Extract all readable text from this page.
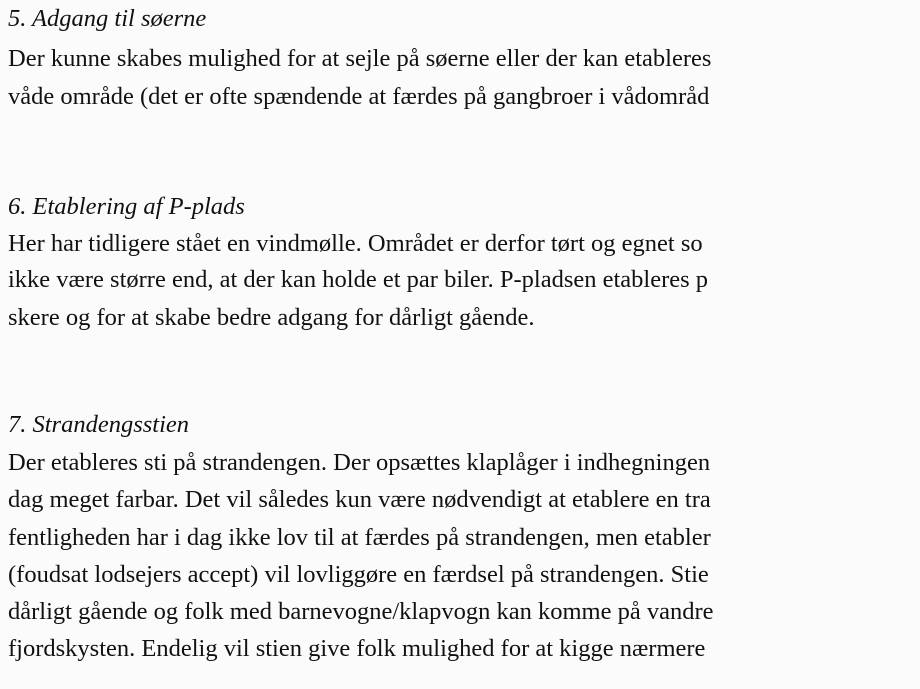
5. Adgang til søerne

Der kunne skabes mulighed for at sejle på søerne eller der kan etableres

våde område (det er ofte spændende at færdes på gangbroer i vådområd

6. Etablering af P-plads

Her har tidligere stået en vindmølle. Området er derfor tørt og egnet so

ikke være større end, at der kan holde et par biler. P-pladsen etableres p

skere og for at skabe bedre adgang for dårligt gående.

7. Strandengsstien

Der etableres sti på strandengen. Der opsættes klaplåger i indhegningen

dag meget farbar. Det vil således kun være nødvendigt at etablere en tra

fentligheden har i dag ikke lov til at færdes på strandengen, men etabler

(foudsat lodsejers accept) vil lovliggøre en færdsel på strandengen. Stie

dårligt gående og folk med barnevogne/klapvogn kan komme på vandre

fjordskysten. Endelig vil stien give folk mulighed for at kigge nærmere
